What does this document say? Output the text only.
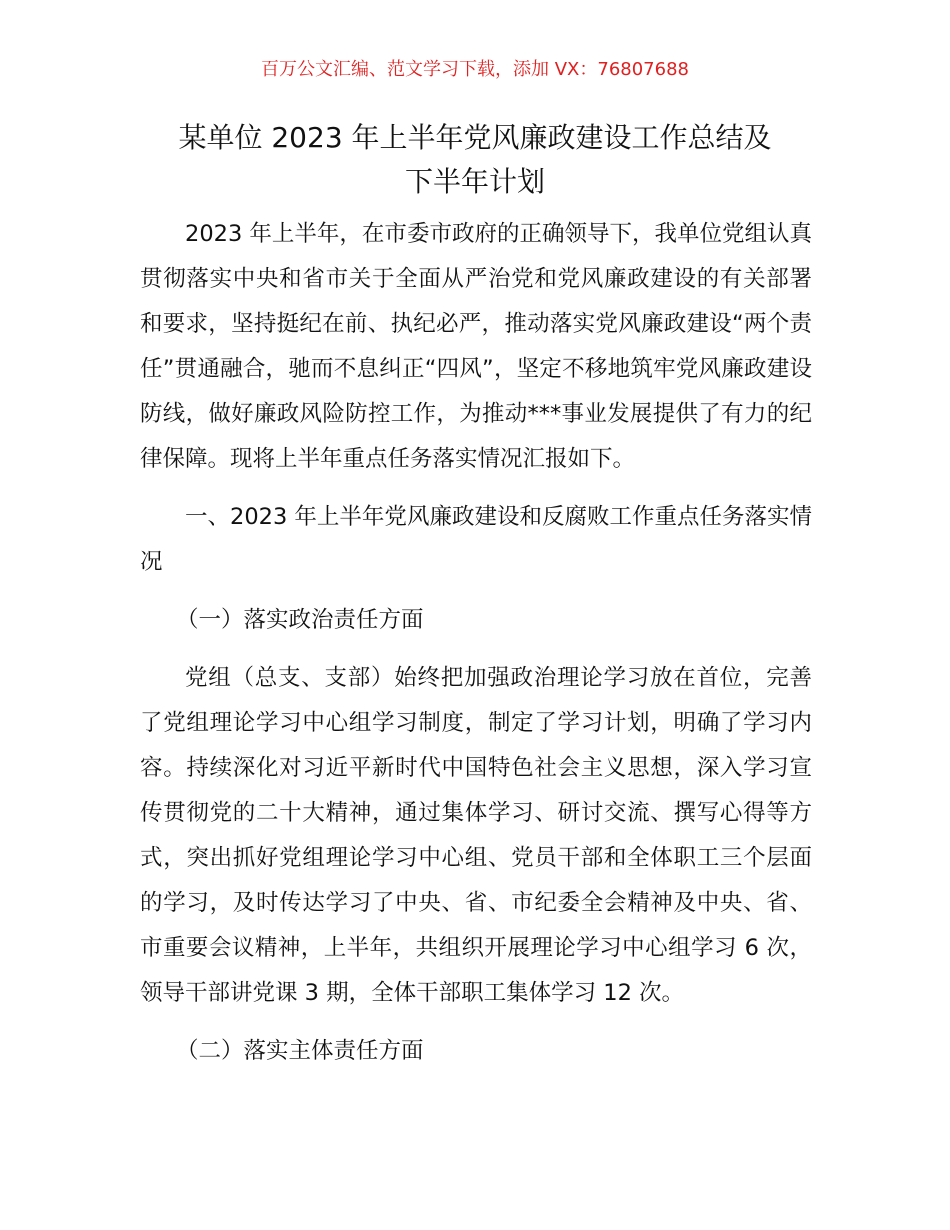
百万公文汇编、范文学习下载，添加 VX：76807688
某单位 2023 年上半年党风廉政建设工作总结及
下半年计划

2023 年上半年，在市委市政府的正确领导下，我单位党组认真贯彻落实中央和省市关于全面从严治党和党风廉政建设的有关部署和要求，坚持挺纪在前、执纪必严，推动落实党风廉政建设“两个责任”贯通融合，驰而不息纠正“四风”，坚定不移地筑牢党风廉政建设防线，做好廉政风险防控工作，为推动***事业发展提供了有力的纪律保障。现将上半年重点任务落实情况汇报如下。

一、2023 年上半年党风廉政建设和反腐败工作重点任务落实情况

（一）落实政治责任方面

党组（总支、支部）始终把加强政治理论学习放在首位，完善了党组理论学习中心组学习制度，制定了学习计划，明确了学习内容。持续深化对习近平新时代中国特色社会主义思想，深入学习宣传贯彻党的二十大精神，通过集体学习、研讨交流、撰写心得等方式，突出抓好党组理论学习中心组、党员干部和全体职工三个层面的学习，及时传达学习了中央、省、市纪委全会精神及中央、省、市重要会议精神，上半年，共组织开展理论学习中心组学习 6 次，领导干部讲党课 3 期，全体干部职工集体学习 12 次。

（二）落实主体责任方面
